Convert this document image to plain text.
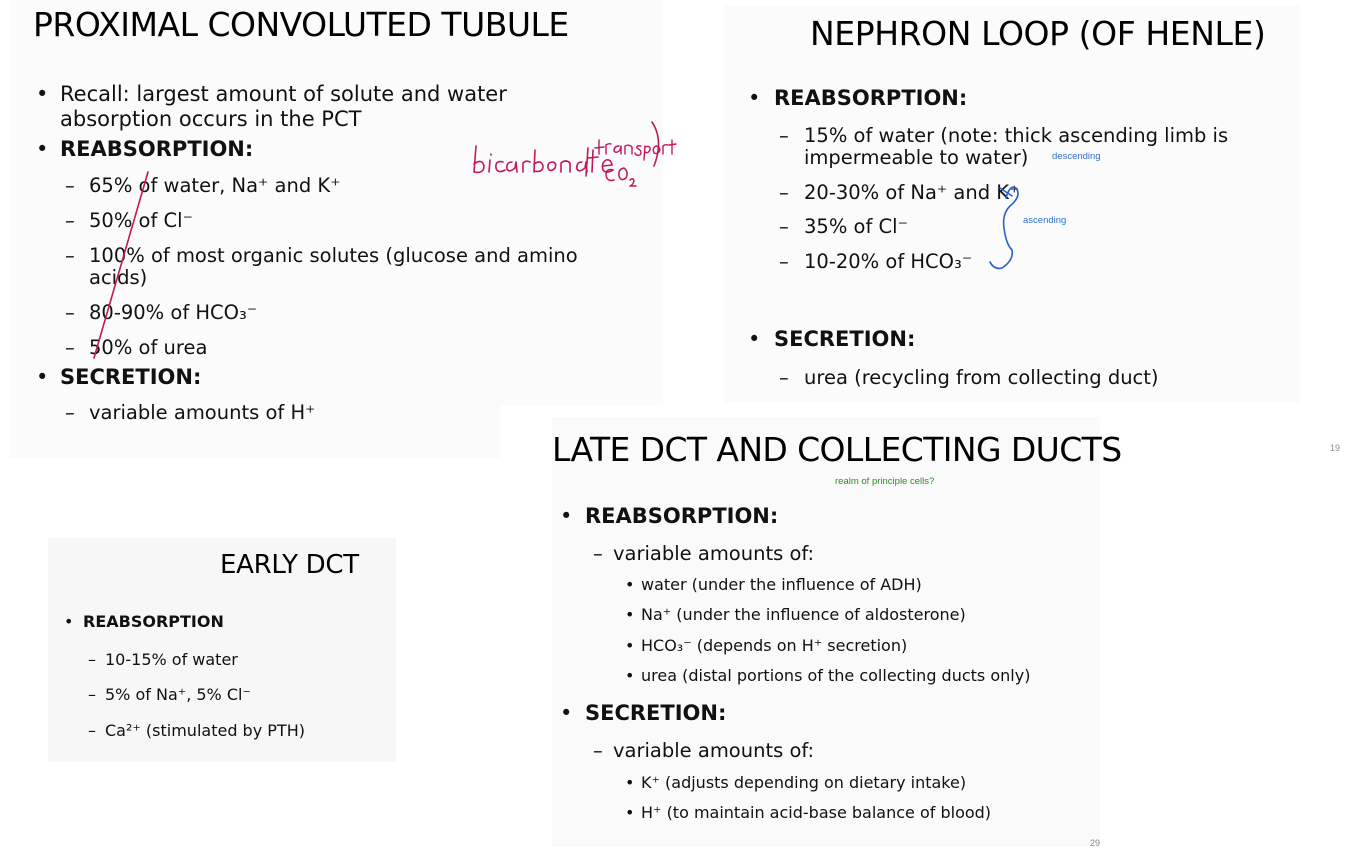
PROXIMAL CONVOLUTED TUBULE
• Recall: largest amount of solute and water
absorption occurs in the PCT
• REABSORPTION:
– 65% of water, Na⁺ and K⁺
– 50% of Cl⁻
– 100% of most organic solutes (glucose and amino
acids)
– 80-90% of HCO₃⁻
– 50% of urea
• SECRETION:
– variable amounts of H⁺
NEPHRON LOOP (OF HENLE)
• REABSORPTION:
– 15% of water (note: thick ascending limb is
impermeable to water)
– 20-30% of Na⁺ and K⁺
– 35% of Cl⁻
– 10-20% of HCO₃⁻
• SECRETION:
– urea (recycling from collecting duct)
descending
ascending
EARLY DCT
• REABSORPTION
– 10-15% of water
– 5% of Na⁺, 5% Cl⁻
– Ca²⁺ (stimulated by PTH)
LATE DCT AND COLLECTING DUCTS
realm of principle cells?
19
29
• REABSORPTION:
– variable amounts of:
• water (under the influence of ADH)
• Na⁺ (under the influence of aldosterone)
• HCO₃⁻ (depends on H⁺ secretion)
• urea (distal portions of the collecting ducts only)
• SECRETION:
– variable amounts of:
• K⁺ (adjusts depending on dietary intake)
• H⁺ (to maintain acid-base balance of blood)
